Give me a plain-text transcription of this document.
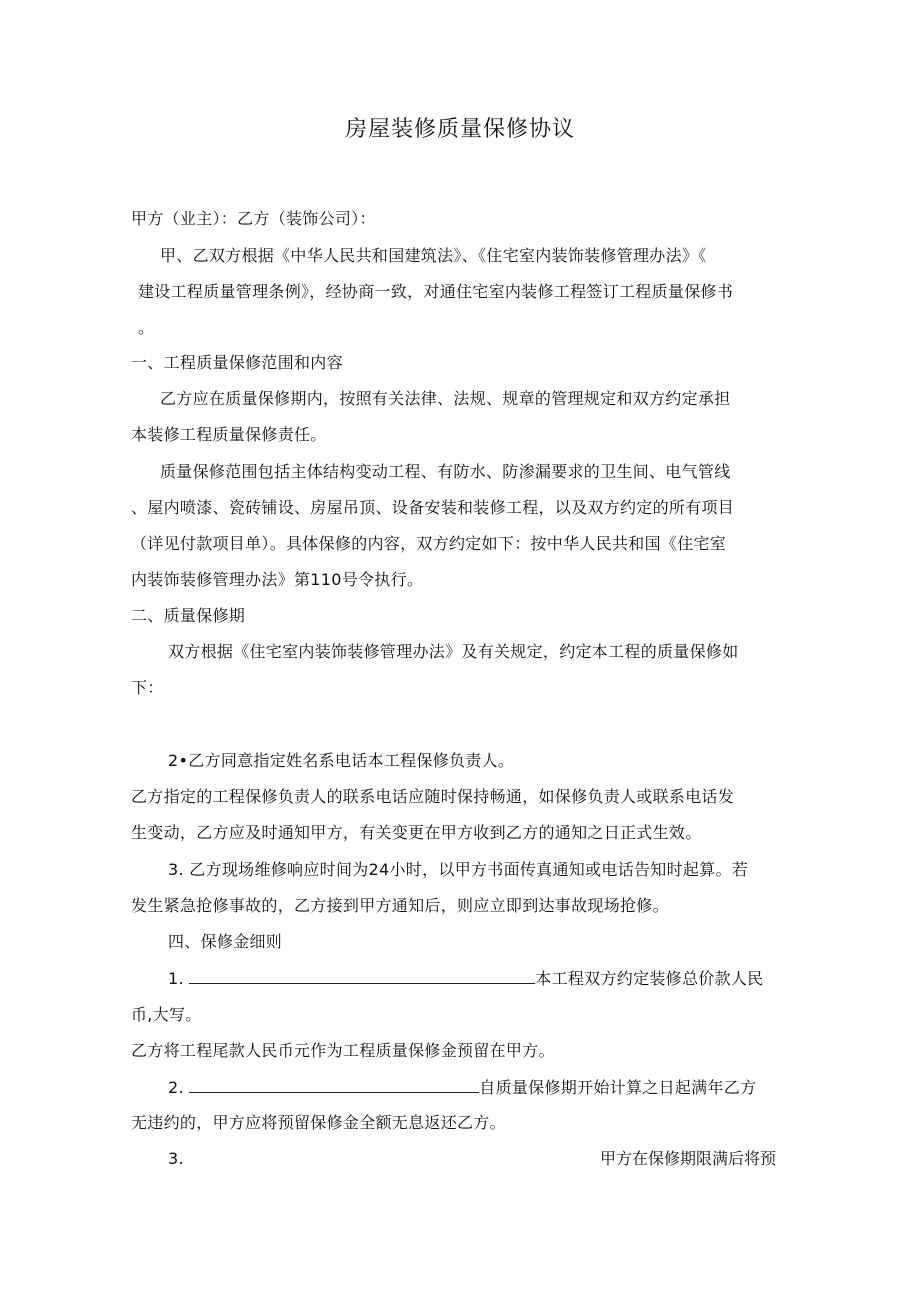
房屋装修质量保修协议
甲方（业主）：乙方（装饰公司）：
甲、乙双方根据《中华人民共和国建筑法》、《住宅室内装饰装修管理办法》《
建设工程质量管理条例》，经协商一致，对通住宅室内装修工程签订工程质量保修书
。
一、工程质量保修范围和内容
乙方应在质量保修期内，按照有关法律、法规、规章的管理规定和双方约定承担
本装修工程质量保修责任。
质量保修范围包括主体结构变动工程、有防水、防渗漏要求的卫生间、电气管线
、屋内喷漆、瓷砖铺设、房屋吊顶、设备安装和装修工程，以及双方约定的所有项目
（详见付款项目单）。具体保修的内容，双方约定如下：按中华人民共和国《住宅室
内装饰装修管理办法》第110号令执行。
二、质量保修期
双方根据《住宅室内装饰装修管理办法》及有关规定，约定本工程的质量保修如
下：
2•乙方同意指定姓名系电话本工程保修负责人。
乙方指定的工程保修负责人的联系电话应随时保持畅通，如保修负责人或联系电话发
生变动，乙方应及时通知甲方，有关变更在甲方收到乙方的通知之日正式生效。
3. 乙方现场维修响应时间为24小时，以甲方书面传真通知或电话告知时起算。若
发生紧急抢修事故的，乙方接到甲方通知后，则应立即到达事故现场抢修。
四、保修金细则
1.	本工程双方约定装修总价款人民
币,大写。
乙方将工程尾款人民币元作为工程质量保修金预留在甲方。
2.	自质量保修期开始计算之日起满年乙方
无违约的，甲方应将预留保修金全额无息返还乙方。
3.	甲方在保修期限满后将预
